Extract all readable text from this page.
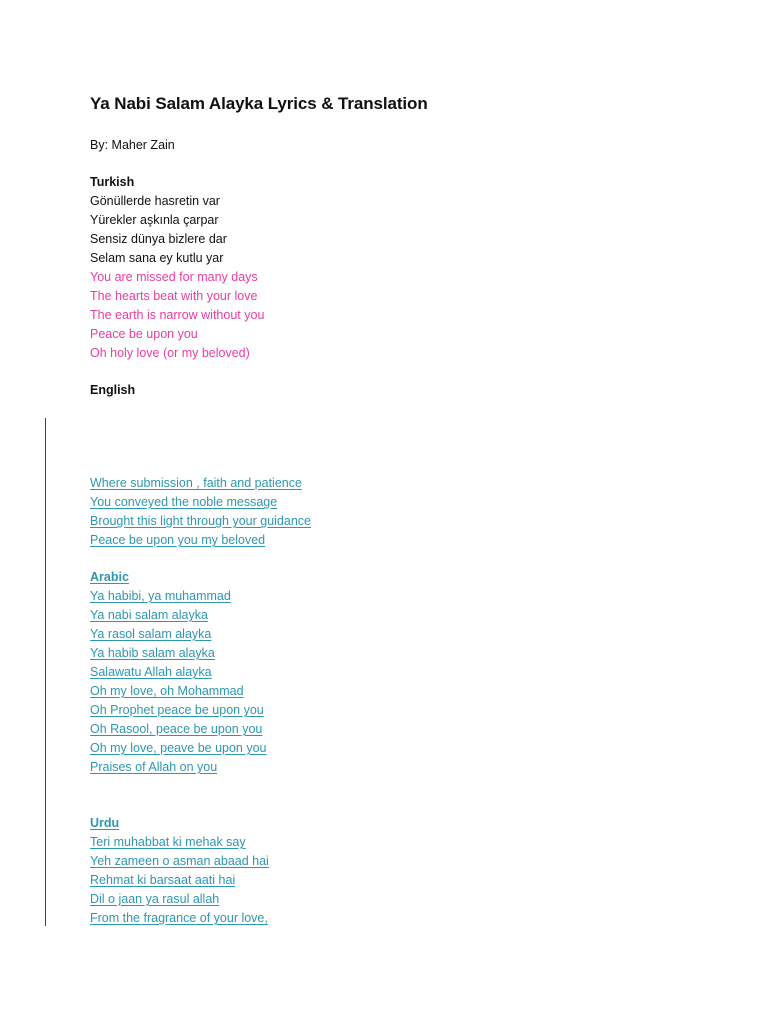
Ya Nabi Salam Alayka Lyrics & Translation
By: Maher Zain
Turkish
Gönüllerde hasretin var
Yürekler aşkınla çarpar
Sensiz dünya bizlere dar
Selam sana ey kutlu yar
You are missed for many days
The hearts beat with your love
The earth is narrow without you
Peace be upon you
Oh holy love (or my beloved)
English
Where submission , faith and patience
You conveyed the noble message
Brought this light through your guidance
Peace be upon you my beloved
Arabic
Ya habibi, ya muhammad
Ya nabi salam alayka
Ya rasol salam alayka
Ya habib salam alayka
Salawatu Allah alayka
Oh my love, oh Mohammad
Oh Prophet peace be upon you
Oh Rasool, peace be upon you
Oh my love, peave be upon you
Praises of Allah on you
Urdu
Teri muhabbat ki mehak say
Yeh zameen o asman abaad hai
Rehmat ki barsaat aati hai
Dil o jaan ya rasul allah
From the fragrance of your love,
